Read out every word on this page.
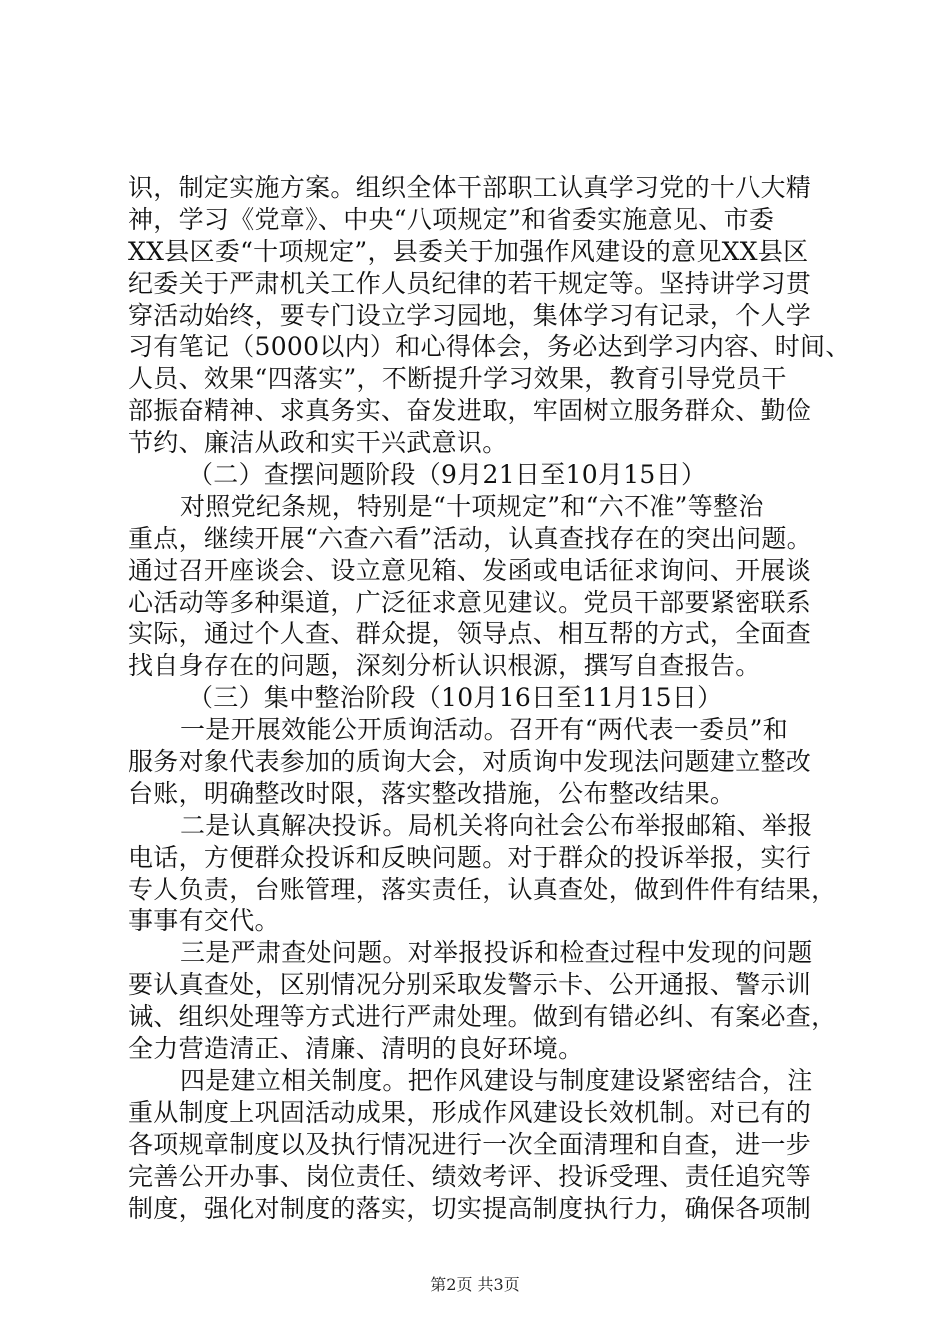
识，制定实施方案。组织全体干部职工认真学习党的十八大精
神，学习《党章》、中央“八项规定”和省委实施意见、市委
XX县区委“十项规定”，县委关于加强作风建设的意见XX县区
纪委关于严肃机关工作人员纪律的若干规定等。坚持讲学习贯
穿活动始终，要专门设立学习园地，集体学习有记录，个人学
习有笔记（5000以内）和心得体会，务必达到学习内容、时间、
人员、效果“四落实”，不断提升学习效果，教育引导党员干
部振奋精神、求真务实、奋发进取，牢固树立服务群众、勤俭
节约、廉洁从政和实干兴武意识。
（二）查摆问题阶段（9月21日至10月15日）
对照党纪条规，特别是“十项规定”和“六不准”等整治
重点，继续开展“六查六看”活动，认真查找存在的突出问题。
通过召开座谈会、设立意见箱、发函或电话征求询问、开展谈
心活动等多种渠道，广泛征求意见建议。党员干部要紧密联系
实际，通过个人查、群众提，领导点、相互帮的方式，全面查
找自身存在的问题，深刻分析认识根源，撰写自查报告。
（三）集中整治阶段（10月16日至11月15日）
一是开展效能公开质询活动。召开有“两代表一委员”和
服务对象代表参加的质询大会，对质询中发现法问题建立整改
台账，明确整改时限，落实整改措施，公布整改结果。
二是认真解决投诉。局机关将向社会公布举报邮箱、举报
电话，方便群众投诉和反映问题。对于群众的投诉举报，实行
专人负责，台账管理，落实责任，认真查处，做到件件有结果，
事事有交代。
三是严肃查处问题。对举报投诉和检查过程中发现的问题
要认真查处，区别情况分别采取发警示卡、公开通报、警示训
诫、组织处理等方式进行严肃处理。做到有错必纠、有案必查，
全力营造清正、清廉、清明的良好环境。
四是建立相关制度。把作风建设与制度建设紧密结合，注
重从制度上巩固活动成果，形成作风建设长效机制。对已有的
各项规章制度以及执行情况进行一次全面清理和自查，进一步
完善公开办事、岗位责任、绩效考评、投诉受理、责任追究等
制度，强化对制度的落实，切实提高制度执行力，确保各项制
第2页 共3页
